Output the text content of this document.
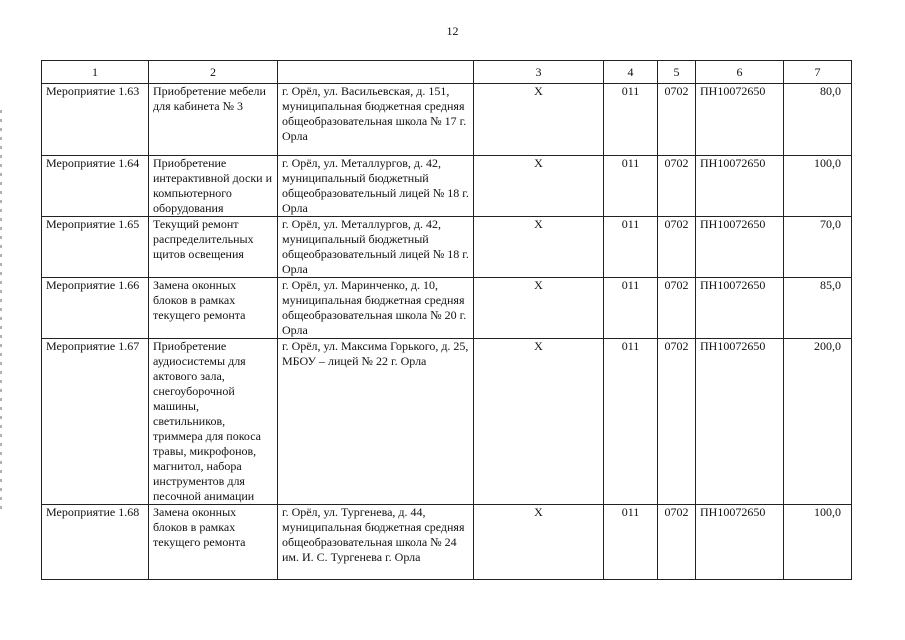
12
1	2		3	4	5	6	7
Мероприятие 1.63	Приобретение мебели для кабинета № 3	г. Орёл, ул. Васильевская, д. 151, муниципальная бюджетная средняя общеобразовательная школа № 17 г. Орла	Х	011	0702	ПН10072650	80,0
Мероприятие 1.64	Приобретение интерактивной доски и компьютерного оборудования	г. Орёл, ул. Металлургов, д. 42, муниципальный бюджетный общеобразовательный лицей № 18 г. Орла	Х	011	0702	ПН10072650	100,0
Мероприятие 1.65	Текущий ремонт распределительных щитов освещения	г. Орёл, ул. Металлургов, д. 42, муниципальный бюджетный общеобразовательный лицей № 18 г. Орла	Х	011	0702	ПН10072650	70,0
Мероприятие 1.66	Замена оконных блоков в рамках текущего ремонта	г. Орёл, ул. Маринченко, д. 10, муниципальная бюджетная средняя общеобразовательная школа № 20 г. Орла	Х	011	0702	ПН10072650	85,0
Мероприятие 1.67	Приобретение аудиосистемы для актового зала, снегоуборочной машины, светильников, триммера для покоса травы, микрофонов, магнитол, набора инструментов для песочной анимации	г. Орёл, ул. Максима Горького, д. 25, МБОУ – лицей № 22 г. Орла	Х	011	0702	ПН10072650	200,0
Мероприятие 1.68	Замена оконных блоков в рамках текущего ремонта	г. Орёл, ул. Тургенева, д. 44, муниципальная бюджетная средняя общеобразовательная школа № 24 им. И. С. Тургенева г. Орла	Х	011	0702	ПН10072650	100,0
